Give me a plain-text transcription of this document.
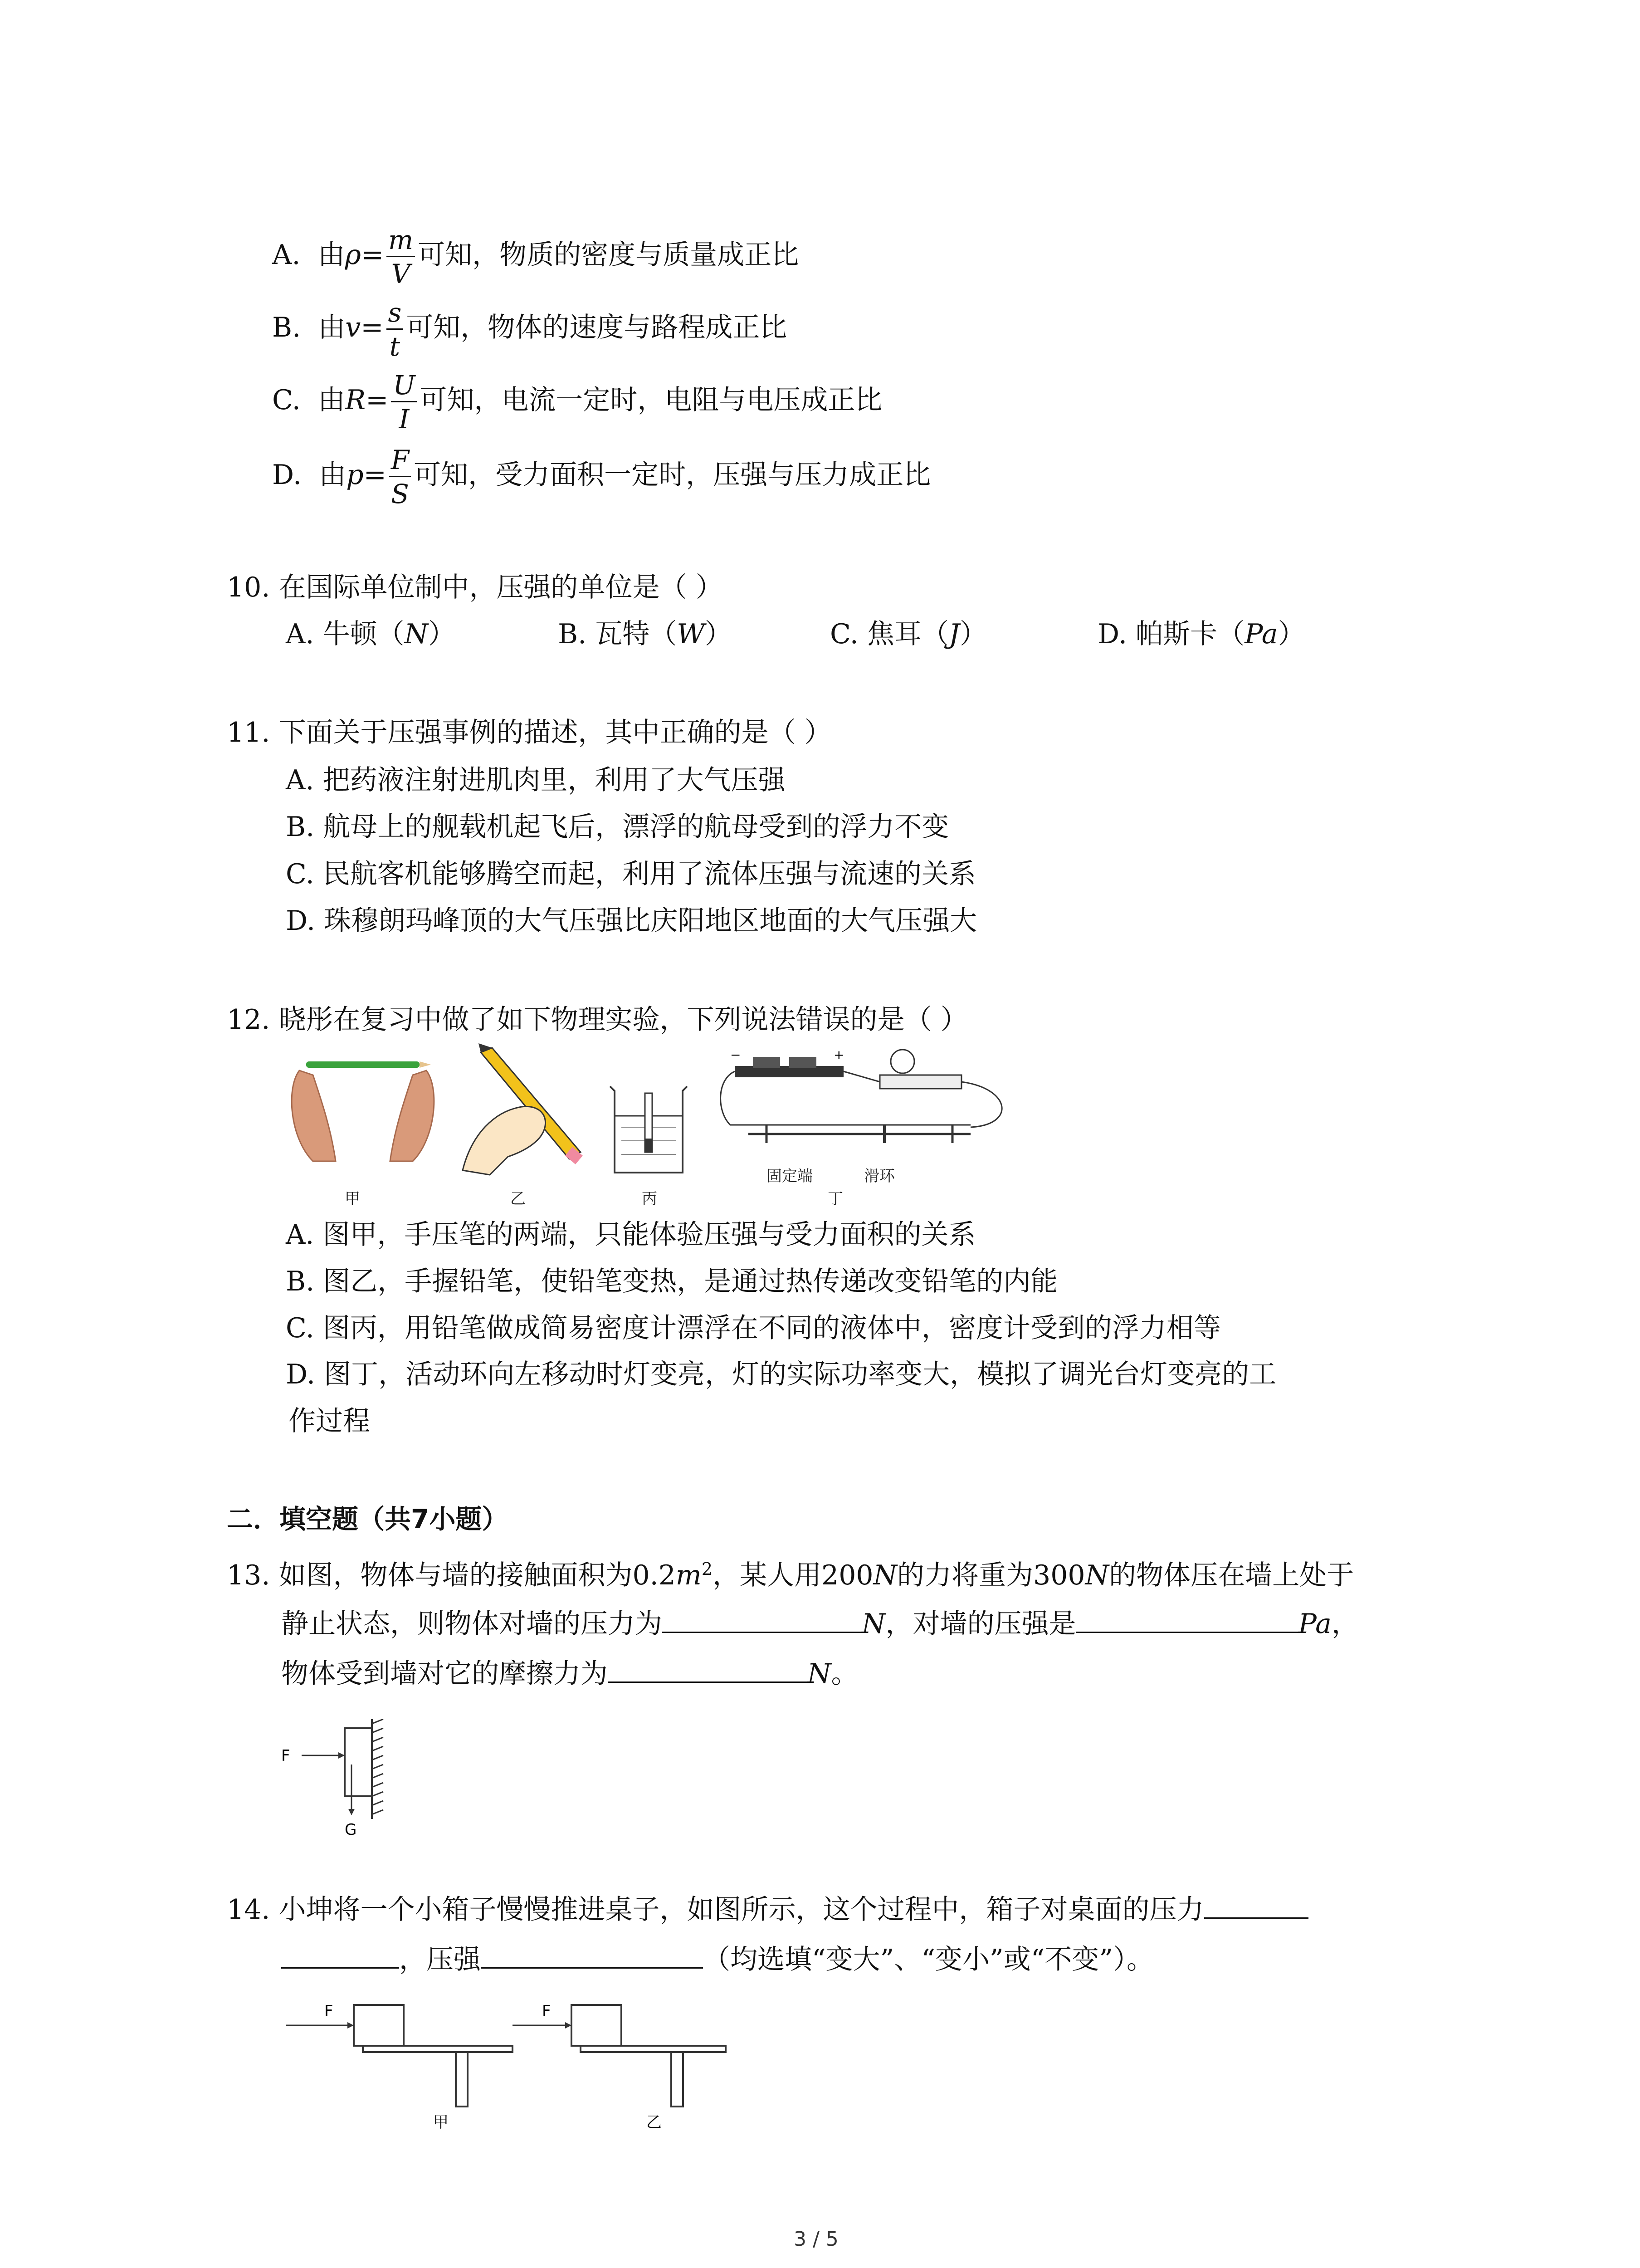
A. 由$\rho= \frac{m}{V}$ 可知，物质的密度与质量成正比
B. 由$v= \frac{s}{t}$ 可知，物体的速度与路程成正比
C. 由$R= \frac{U}{I}$ 可知，电流一定时，电阻与电压成正比
D. 由$p= \frac{F}{S}$ 可知，受力面积一定时，压强与压力成正比
10. 在国际单位制中，压强的单位是（ ）
A. 牛顿（N）	B. 瓦特（W）	C. 焦耳（J）	D. 帕斯卡（Pa）
11. 下面关于压强事例的描述，其中正确的是（ ）
A. 把药液注射进肌肉里，利用了大气压强
B. 航母上的舰载机起飞后，漂浮的航母受到的浮力不变
C. 民航客机能够腾空而起，利用了流体压强与流速的关系
D. 珠穆朗玛峰顶的大气压强比庆阳地区地面的大气压强大
12. 晓彤在复习中做了如下物理实验，下列说法错误的是（ ）
甲	乙	丙
−	+
固定端	滑环
丁
A. 图甲，手压笔的两端，只能体验压强与受力面积的关系
B. 图乙，手握铅笔，使铅笔变热，是通过热传递改变铅笔的内能
C. 图丙，用铅笔做成简易密度计漂浮在不同的液体中，密度计受到的浮力相等
D. 图丁，活动环向左移动时灯变亮，灯的实际功率变大，模拟了调光台灯变亮的工
作过程
二．填空题（共7小题）
13. 如图，物体与墙的接触面积为$0.2m^2$，某人用200N的力将重为300N的物体压在墙上处于
静止状态，则物体对墙的压力为	N，对墙的压强是	Pa，
物体受到墙对它的摩擦力为	N。
F
G
14. 小坤将一个小箱子慢慢推进桌子，如图所示，这个过程中，箱子对桌面的压力
，压强	（均选填“变大”、“变小”或“不变”）。
F
甲
F
乙
3 / 5
